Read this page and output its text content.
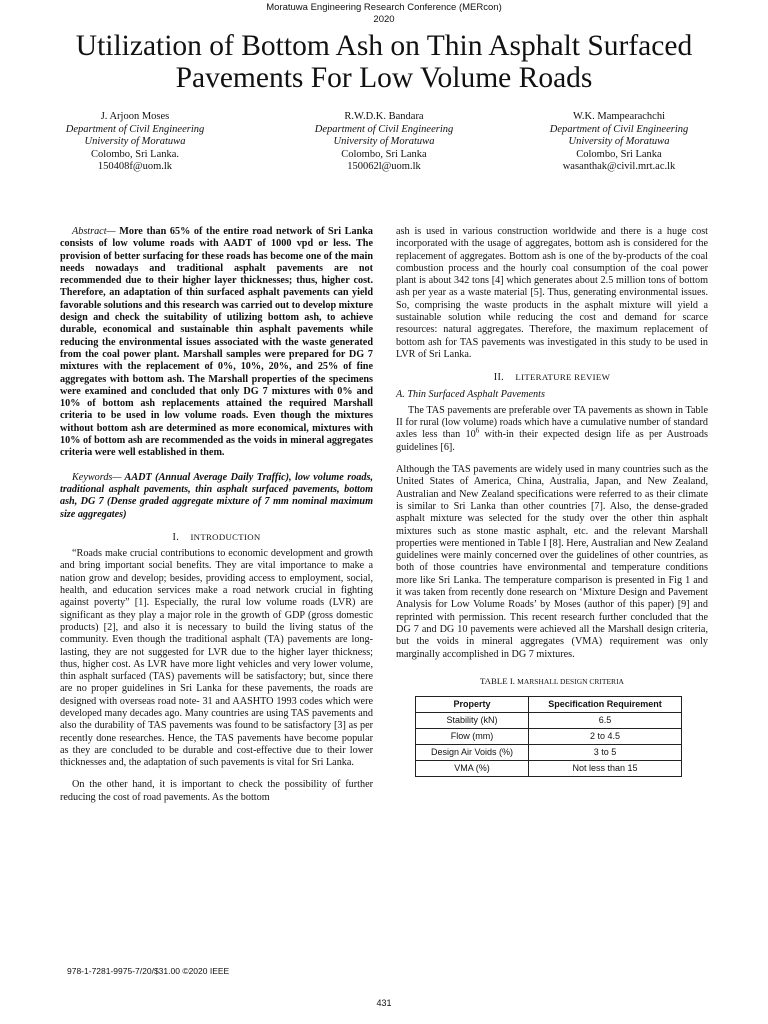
Moratuwa Engineering Research Conference (MERcon)
2020
Utilization of Bottom Ash on Thin Asphalt Surfaced
Pavements For Low Volume Roads
J. Arjoon Moses
Department of Civil Engineering
University of Moratuwa
Colombo, Sri Lanka.
150408f@uom.lk
R.W.D.K. Bandara
Department of Civil Engineering
University of Moratuwa
Colombo, Sri Lanka
150062l@uom.lk
W.K. Mampearachchi
Department of Civil Engineering
University of Moratuwa
Colombo, Sri Lanka
wasanthak@civil.mrt.ac.lk

Abstract— More than 65% of the entire road network of Sri Lanka consists of low volume roads with AADT of 1000 vpd or less. The provision of better surfacing for these roads has become one of the main needs nowadays and traditional asphalt pavements are not recommended due to their higher layer thicknesses; thus, higher cost. Therefore, an adaptation of thin surfaced asphalt pavements can yield favorable solutions and this research was carried out to develop mixture design and check the suitability of utilizing bottom ash, to achieve durable, economical and sustainable thin asphalt pavements while reducing the environmental issues associated with the waste generated from the coal power plant. Marshall samples were prepared for DG 7 mixtures with the replacement of 0%, 10%, 20%, and 25% of fine aggregates with bottom ash. The Marshall properties of the specimens were examined and concluded that only DG 7 mixtures with 0% and 10% of bottom ash replacements attained the required Marshall criteria to be used in low volume roads. Even though the mixtures without bottom ash are determined as more economical, mixtures with 10% of bottom ash are recommended as the voids in mineral aggregates criteria were well established in them.

Keywords— AADT (Annual Average Daily Traffic), low volume roads, traditional asphalt pavements, thin asphalt surfaced pavements, bottom ash, DG 7 (Dense graded aggregate mixture of 7 mm nominal maximum size aggregates)

I. INTRODUCTION

“Roads make crucial contributions to economic development and growth and bring important social benefits. They are vital importance to make a nation grow and develop; besides, providing access to employment, social, health, and education services make a road network crucial in fighting against poverty” [1]. Especially, the rural low volume roads (LVR) are significant as they play a major role in the growth of GDP (gross domestic products) [2], and also it is necessary to build the living status of the community. Even though the traditional asphalt (TA) pavements are long-lasting, they are not suggested for LVR due to the higher layer thickness; thus, higher cost. As LVR have more light vehicles and very lower volume, thin asphalt surfaced (TAS) pavements will be satisfactory; but, since there are no proper guidelines in Sri Lanka for these pavements, the roads are designed with overseas road note- 31 and AASHTO 1993 codes which were developed many decades ago. Many countries are using TAS pavements and also the durability of TAS pavements was found to be satisfactory [3] as per recently done researches. Hence, the TAS pavements have become popular as they are concluded to be durable and cost-effective due to their lower thicknesses and, the adaptation of such pavements is vital for Sri Lanka.

On the other hand, it is important to check the possibility of further reducing the cost of road pavements. As the bottom

ash is used in various construction worldwide and there is a huge cost incorporated with the usage of aggregates, bottom ash is considered for the replacement of aggregates. Bottom ash is one of the by-products of the coal combustion process and the hourly coal consumption of the coal power plant is about 342 tons [4] which generates about 2.5 million tons of bottom ash per year as a waste material [5]. Thus, generating environmental issues. So, comprising the waste products in the asphalt mixture will yield a sustainable solution while reducing the cost and demand for scarce resources: natural aggregates. Therefore, the maximum replacement of bottom ash for TAS pavements was investigated in this study to be used in LVR of Sri Lanka.

II. LITERATURE REVIEW

A. Thin Surfaced Asphalt Pavements

The TAS pavements are preferable over TA pavements as shown in Table II for rural (low volume) roads which have a cumulative number of standard axles less than $10^6$ with-in their expected design life as per Austroads guidelines [6].

Although the TAS pavements are widely used in many countries such as the United States of America, China, Australia, Japan, and New Zealand, Australian and New Zealand specifications were referred to as their climate is similar to Sri Lanka than other countries [7]. Also, the dense-graded asphalt mixture was selected for the study over the other thin asphalt mixtures such as stone mastic asphalt, etc. and the relevant Marshall properties were mentioned in Table I [8]. Here, Australian and New Zealand guidelines were mainly concerned over the guidelines of other countries, as both of those countries have environmental and temperature conditions more like Sri Lanka. The temperature comparison is presented in Fig 1 and it was taken from recently done research on ‘Mixture Design and Pavement Analysis for Low Volume Roads’ by Moses (author of this paper) [9] and reprinted with permission. This recent research further concluded that the DG 7 and DG 10 pavements were achieved all the Marshall design criteria, but the voids in mineral aggregates (VMA) requirement was only marginally accomplished in DG 7 mixtures.

TABLE I. MARSHALL DESIGN CRITERIA
Property	Specification Requirement
Stability (kN)	6.5
Flow (mm)	2 to 4.5
Design Air Voids (%)	3 to 5
VMA (%)	Not less than 15
978-1-7281-9975-7/20/$31.00 ©2020 IEEE
431
